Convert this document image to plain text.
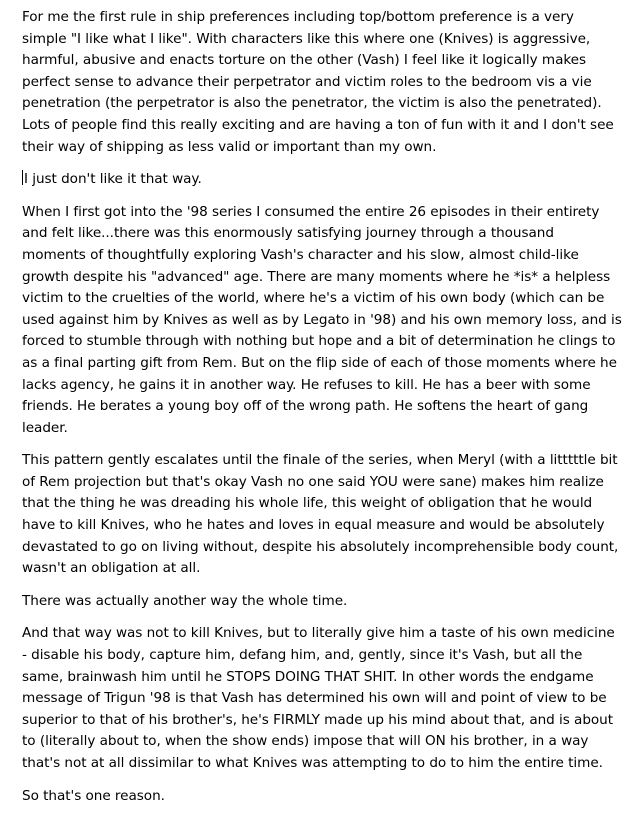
For me the first rule in ship preferences including top/bottom preference is a very simple "I like what I like". With characters like this where one (Knives) is aggressive, harmful, abusive and enacts torture on the other (Vash) I feel like it logically makes perfect sense to advance their perpetrator and victim roles to the bedroom vis a vie penetration (the perpetrator is also the penetrator, the victim is also the penetrated). Lots of people find this really exciting and are having a ton of fun with it and I don't see their way of shipping as less valid or important than my own.

I just don't like it that way.

When I first got into the '98 series I consumed the entire 26 episodes in their entirety and felt like...there was this enormously satisfying journey through a thousand moments of thoughtfully exploring Vash's character and his slow, almost child-like growth despite his "advanced" age. There are many moments where he *is* a helpless victim to the cruelties of the world, where he's a victim of his own body (which can be used against him by Knives as well as by Legato in '98) and his own memory loss, and is forced to stumble through with nothing but hope and a bit of determination he clings to as a final parting gift from Rem. But on the flip side of each of those moments where he lacks agency, he gains it in another way. He refuses to kill. He has a beer with some friends. He berates a young boy off of the wrong path. He softens the heart of gang leader.

This pattern gently escalates until the finale of the series, when Meryl (with a litttttle bit of Rem projection but that's okay Vash no one said YOU were sane) makes him realize that the thing he was dreading his whole life, this weight of obligation that he would have to kill Knives, who he hates and loves in equal measure and would be absolutely devastated to go on living without, despite his absolutely incomprehensible body count, wasn't an obligation at all.

There was actually another way the whole time.

And that way was not to kill Knives, but to literally give him a taste of his own medicine - disable his body, capture him, defang him, and, gently, since it's Vash, but all the same, brainwash him until he STOPS DOING THAT SHIT. In other words the endgame message of Trigun '98 is that Vash has determined his own will and point of view to be superior to that of his brother's, he's FIRMLY made up his mind about that, and is about to (literally about to, when the show ends) impose that will ON his brother, in a way that's not at all dissimilar to what Knives was attempting to do to him the entire time.

So that's one reason.
